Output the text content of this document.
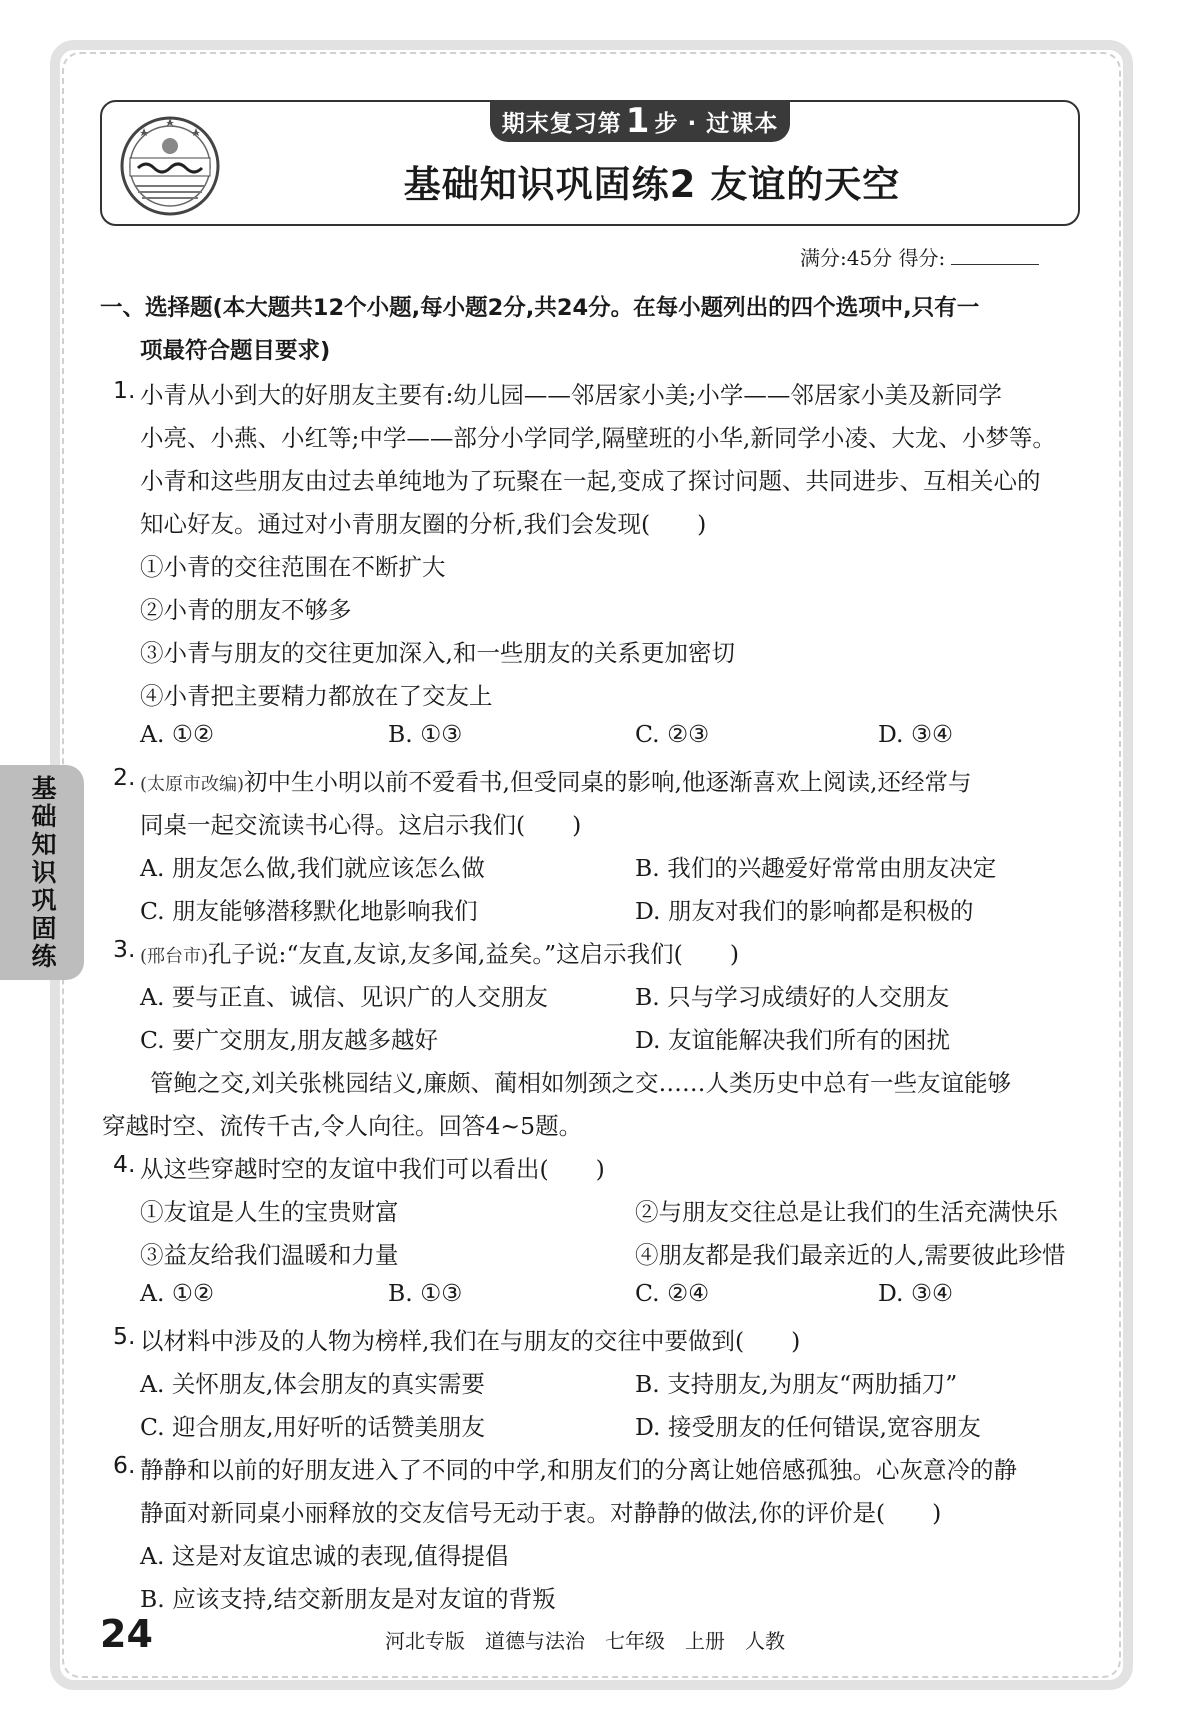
期末复习第 1 步 · 过课本
基础知识巩固练2 友谊的天空
满分:45分 得分:
基础知识巩固练
一、选择题(本大题共12个小题,每小题2分,共24分。在每小题列出的四个选项中,只有一
项最符合题目要求)
1. 小青从小到大的好朋友主要有:幼儿园——邻居家小美;小学——邻居家小美及新同学
小亮、小燕、小红等;中学——部分小学同学,隔壁班的小华,新同学小凌、大龙、小梦等。
小青和这些朋友由过去单纯地为了玩聚在一起,变成了探讨问题、共同进步、互相关心的
知心好友。通过对小青朋友圈的分析,我们会发现(　　)
①小青的交往范围在不断扩大
②小青的朋友不够多
③小青与朋友的交往更加深入,和一些朋友的关系更加密切
④小青把主要精力都放在了交友上
A. ①②	B. ①③	C. ②③	D. ③④
2. (太原市改编)初中生小明以前不爱看书,但受同桌的影响,他逐渐喜欢上阅读,还经常与
同桌一起交流读书心得。这启示我们(　　)
A. 朋友怎么做,我们就应该怎么做	B. 我们的兴趣爱好常常由朋友决定
C. 朋友能够潜移默化地影响我们	D. 朋友对我们的影响都是积极的
3. (邢台市)孔子说:“友直,友谅,友多闻,益矣。”这启示我们(　　)
A. 要与正直、诚信、见识广的人交朋友	B. 只与学习成绩好的人交朋友
C. 要广交朋友,朋友越多越好	D. 友谊能解决我们所有的困扰
管鲍之交,刘关张桃园结义,廉颇、蔺相如刎颈之交……人类历史中总有一些友谊能够
穿越时空、流传千古,令人向往。回答4~5题。
4. 从这些穿越时空的友谊中我们可以看出(　　)
①友谊是人生的宝贵财富	②与朋友交往总是让我们的生活充满快乐
③益友给我们温暖和力量	④朋友都是我们最亲近的人,需要彼此珍惜
A. ①②	B. ①③	C. ②④	D. ③④
5. 以材料中涉及的人物为榜样,我们在与朋友的交往中要做到(　　)
A. 关怀朋友,体会朋友的真实需要	B. 支持朋友,为朋友“两肋插刀”
C. 迎合朋友,用好听的话赞美朋友	D. 接受朋友的任何错误,宽容朋友
6. 静静和以前的好朋友进入了不同的中学,和朋友们的分离让她倍感孤独。心灰意冷的静
静面对新同桌小丽释放的交友信号无动于衷。对静静的做法,你的评价是(　　)
A. 这是对友谊忠诚的表现,值得提倡
B. 应该支持,结交新朋友是对友谊的背叛
24	河北专版　道德与法治　七年级　上册　人教
